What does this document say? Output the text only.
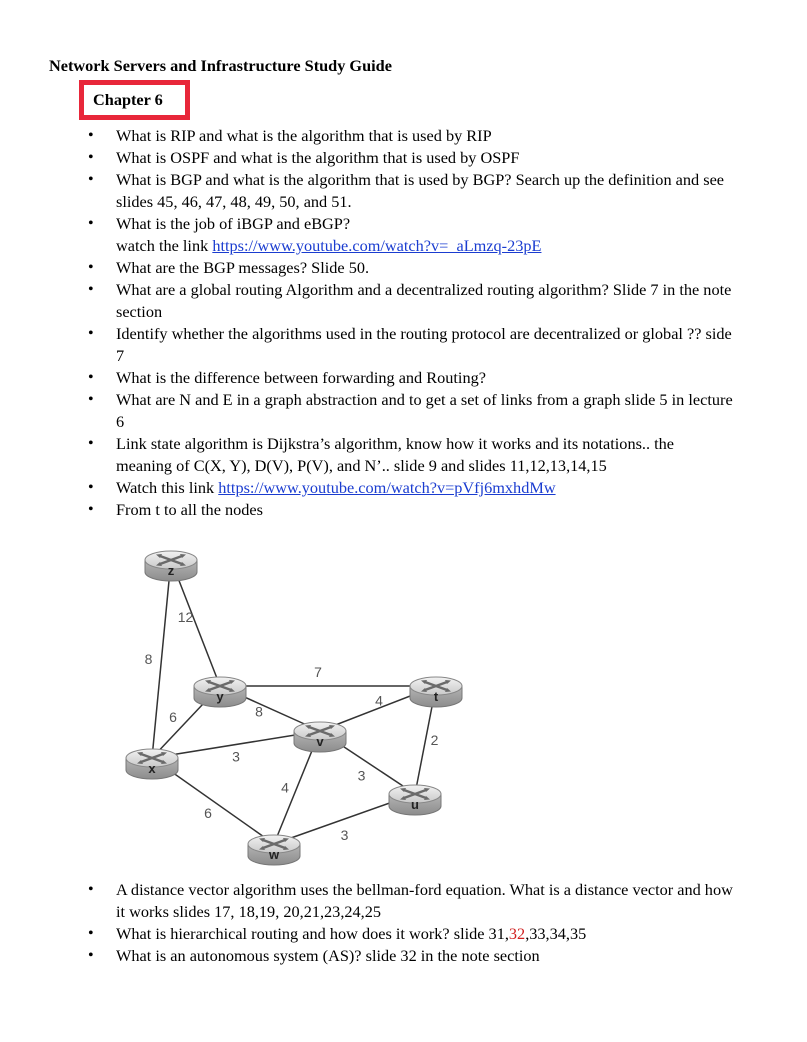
Network Servers and Infrastructure Study Guide
Chapter 6
• What is RIP and what is the algorithm that is used by RIP
• What is OSPF and what is the algorithm that is used by OSPF
• What is BGP and what is the algorithm that is used by BGP? Search up the definition and see slides 45, 46, 47, 48, 49, 50, and 51.
• What is the job of iBGP and eBGP?
watch the link https://www.youtube.com/watch?v=_aLmzq-23pE
• What are the BGP messages? Slide 50.
• What are a global routing Algorithm and a decentralized routing algorithm? Slide 7 in the note section
• Identify whether the algorithms used in the routing protocol are decentralized or global ?? side 7
• What is the difference between forwarding and Routing?
• What are N and E in a graph abstraction and to get a set of links from a graph slide 5 in lecture 6
• Link state algorithm is Dijkstra’s algorithm, know how it works and its notations.. the meaning of C(X, Y), D(V), P(V), and N’.. slide 9 and slides 11,12,13,14,15
• Watch this link https://www.youtube.com/watch?v=pVfj6mxhdMw
• From t to all the nodes
12
8
7
6	8
3
6
4
3
4
2
3
z
y	t
v
x
u
w
• A distance vector algorithm uses the bellman-ford equation. What is a distance vector and how it works slides 17, 18,19, 20,21,23,24,25
• What is hierarchical routing and how does it work? slide 31,32,33,34,35
• What is an autonomous system (AS)? slide 32 in the note section
